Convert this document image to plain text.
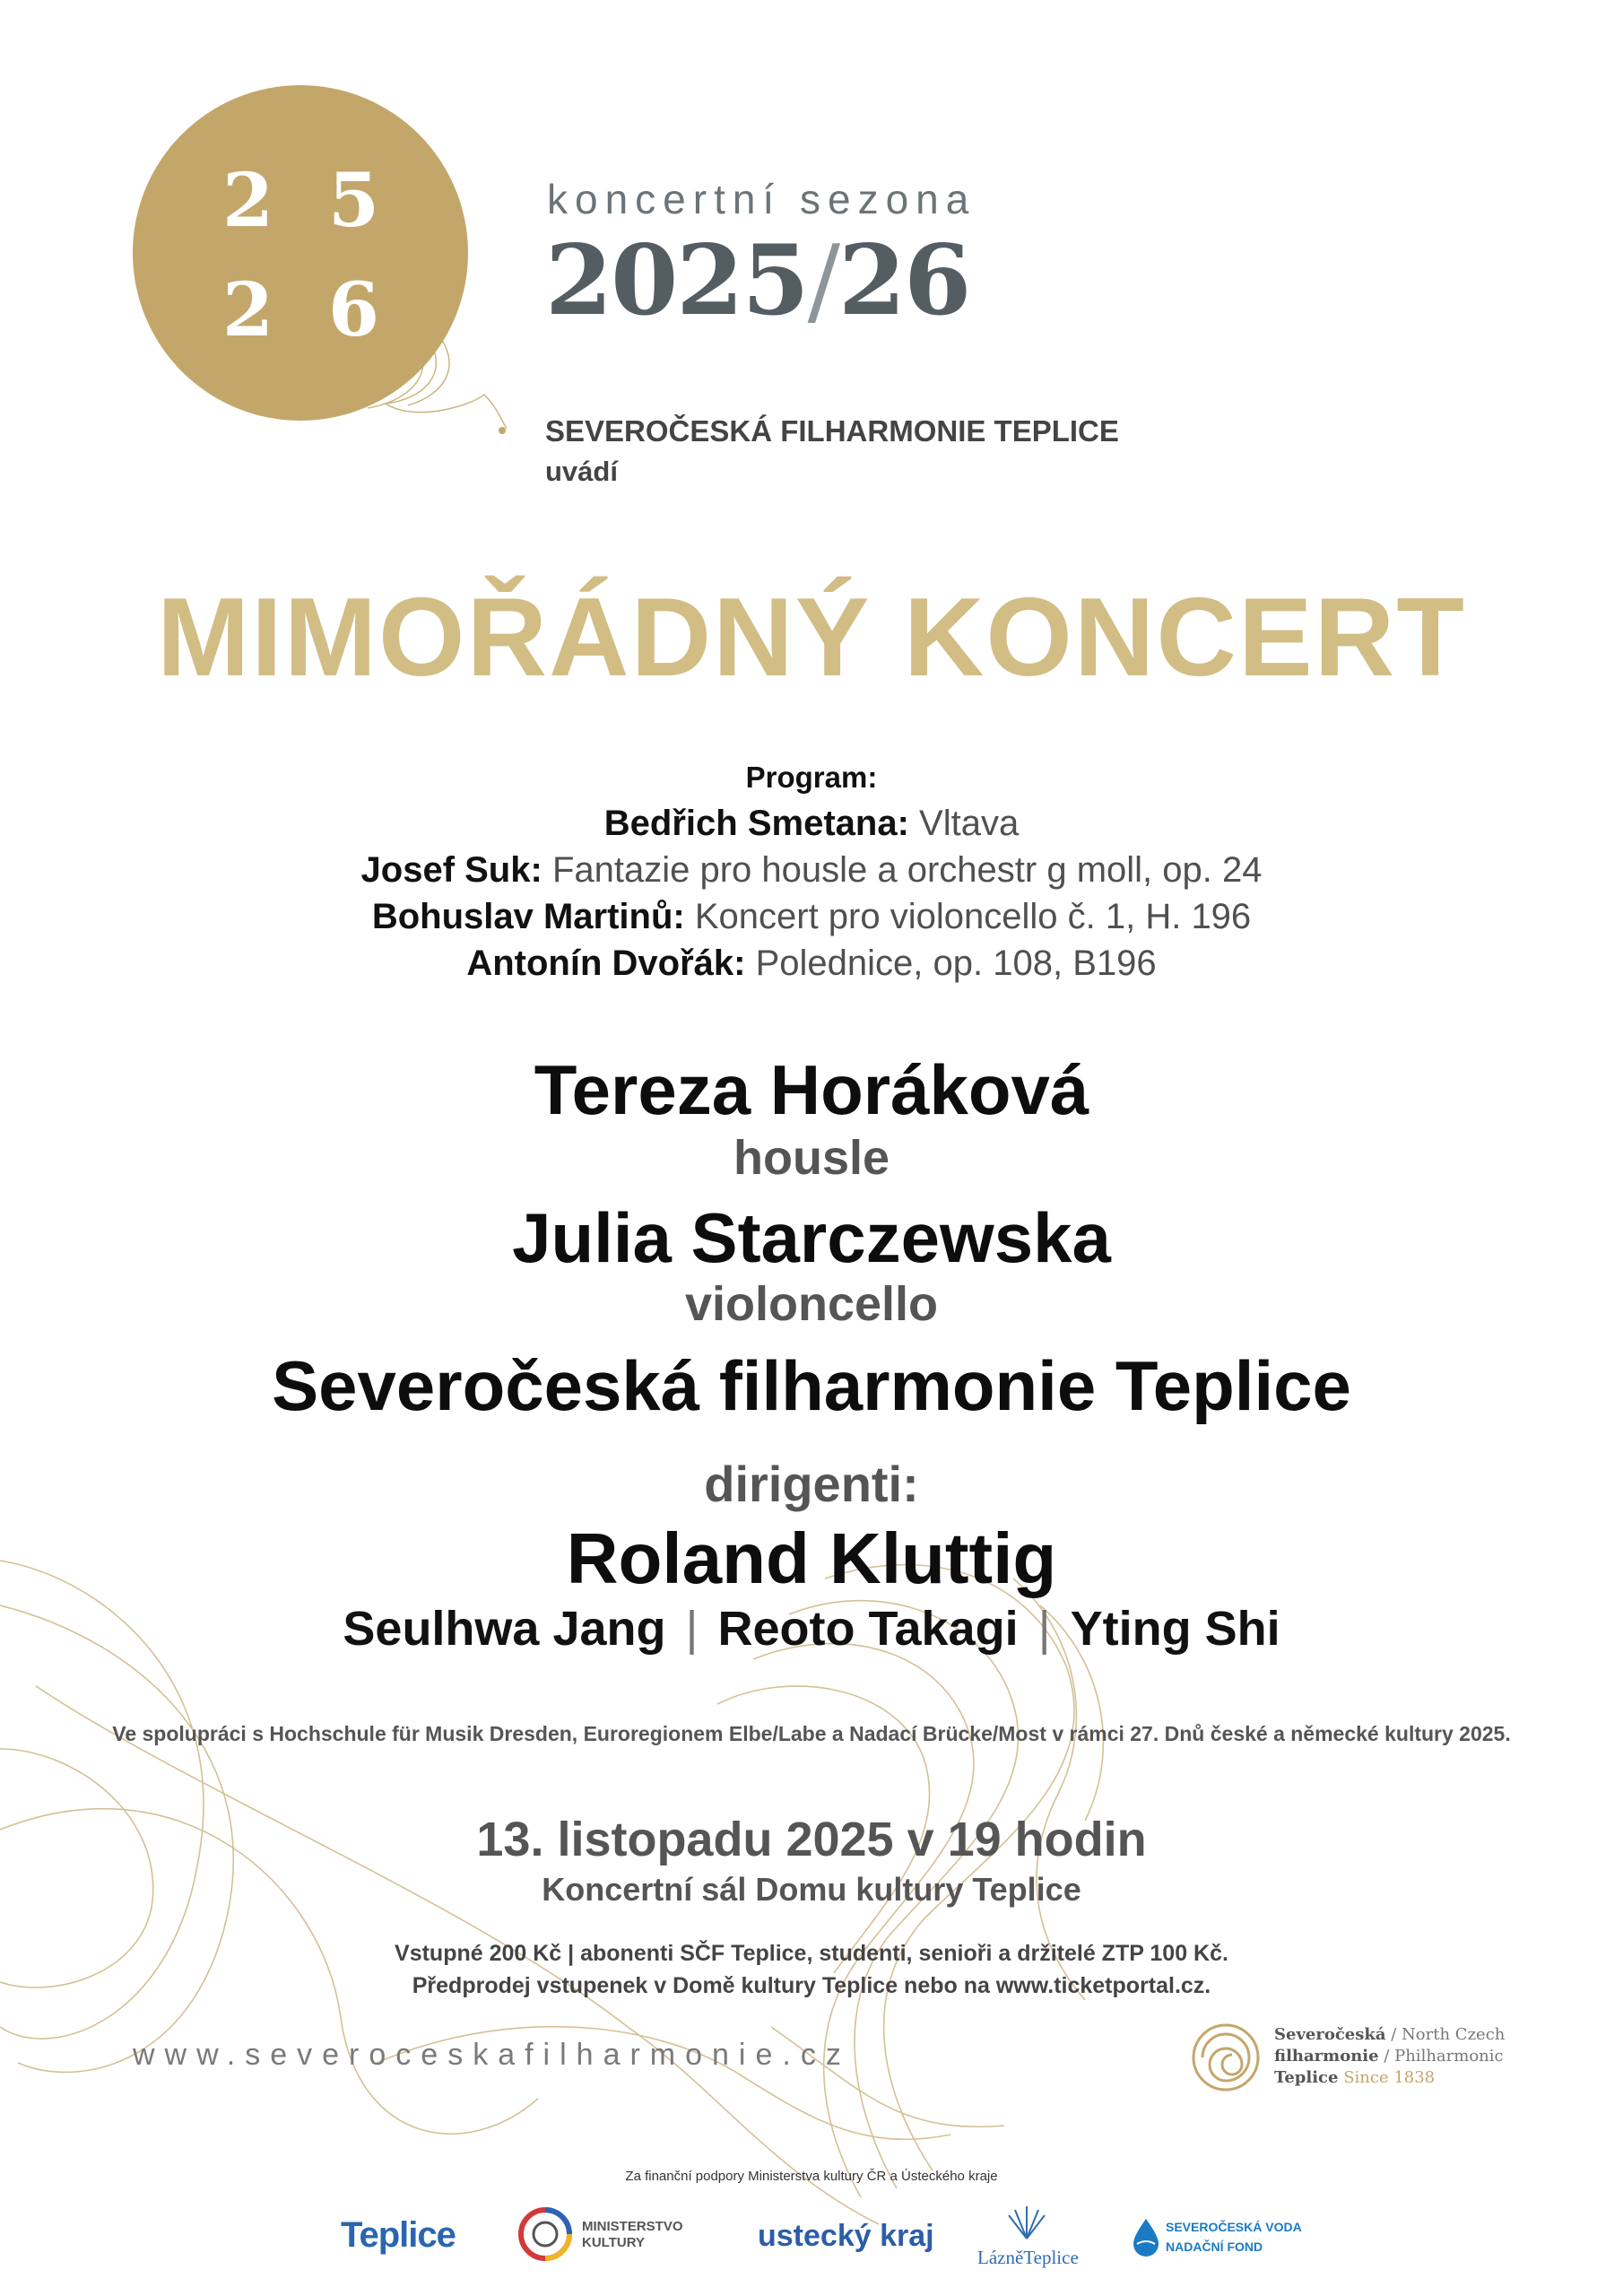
2 5
2 6
koncertní sezona
2025/26
SEVEROČESKÁ FILHARMONIE TEPLICE
uvádí
MIMOŘÁDNÝ KONCERT
Program:
Bedřich Smetana: Vltava
Josef Suk: Fantazie pro housle a orchestr g moll, op. 24
Bohuslav Martinů: Koncert pro violoncello č. 1, H. 196
Antonín Dvořák: Polednice, op. 108, B196
Tereza Horáková
housle
Julia Starczewska
violoncello
Severočeská filharmonie Teplice
dirigenti:
Roland Kluttig
Seulhwa Jang | Reoto Takagi | Yting Shi
Ve spolupráci s Hochschule für Musik Dresden, Euroregionem Elbe/Labe a Nadací Brücke/Most v rámci 27. Dnů české a německé kultury 2025.
13. listopadu 2025 v 19 hodin
Koncertní sál Domu kultury Teplice
Vstupné 200 Kč | abonenti SČF Teplice, studenti, senioři a držitelé ZTP 100 Kč.
Předprodej vstupenek v Domě kultury Teplice nebo na www.ticketportal.cz.
www.severoceskafilharmonie.cz
Severočeská / North Czech
filharmonie / Philharmonic
Teplice Since 1838
Za finanční podpory Ministerstva kultury ČR a Ústeckého kraje
Teplice	MINISTERSTVO KULTURY	ustecký kraj
LázněTeplice
SEVEROČESKÁ VODA
NADAČNÍ FOND
